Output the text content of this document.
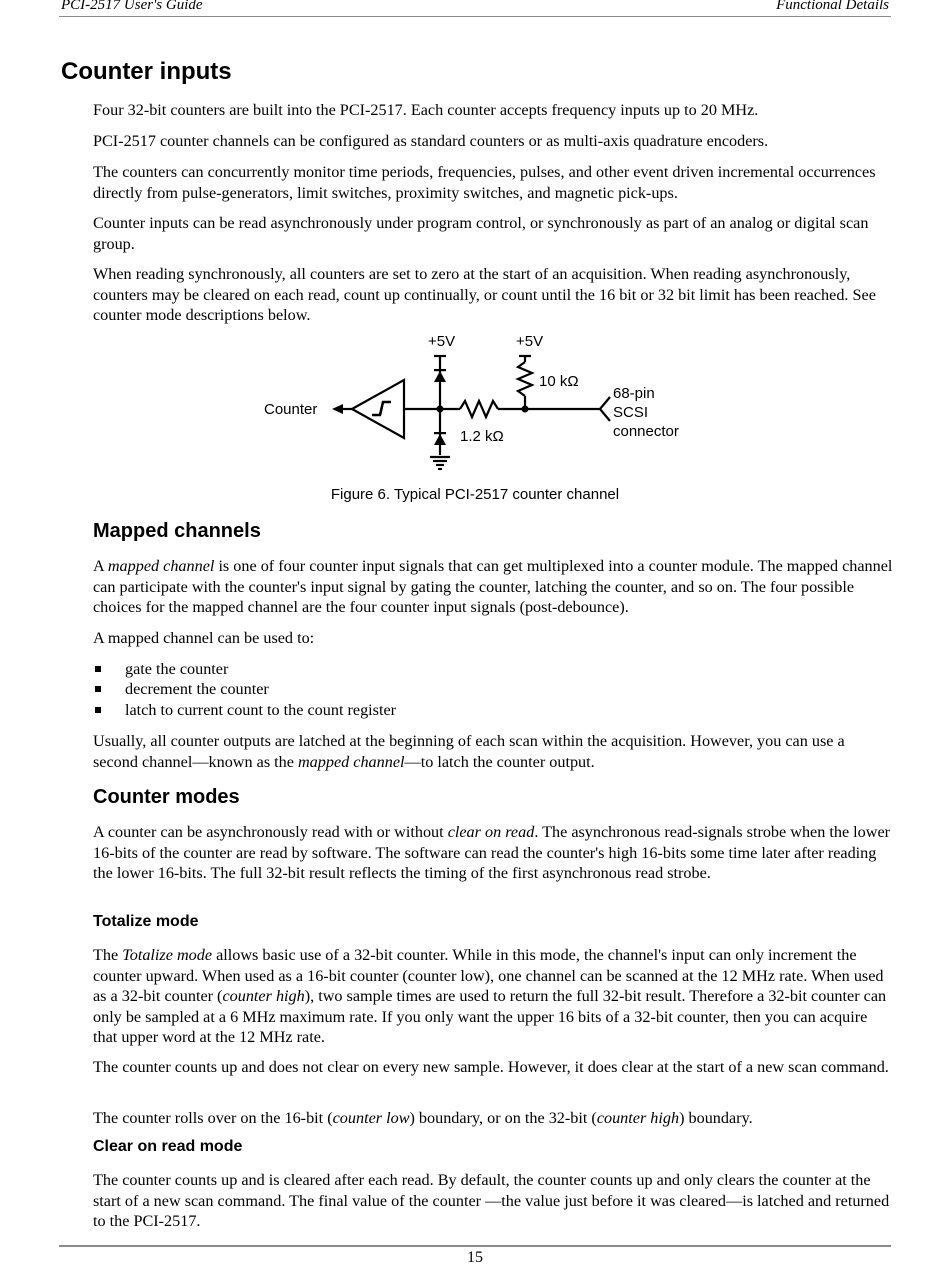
PCI-2517 User's Guide	Functional Details
Counter inputs
Four 32-bit counters are built into the PCI-2517. Each counter accepts frequency inputs up to 20 MHz.
PCI-2517 counter channels can be configured as standard counters or as multi-axis quadrature encoders.
The counters can concurrently monitor time periods, frequencies, pulses, and other event driven incremental occurrences directly from pulse-generators, limit switches, proximity switches, and magnetic pick-ups.
Counter inputs can be read asynchronously under program control, or synchronously as part of an analog or digital scan group.
When reading synchronously, all counters are set to zero at the start of an acquisition. When reading asynchronously, counters may be cleared on each read, count up continually, or count until the 16 bit or 32 bit limit has been reached. See counter mode descriptions below.
+5V	+5V
10 kΩ
1.2 kΩ
Counter
68-pin
SCSI
connector
Figure 6. Typical PCI-2517 counter channel
Mapped channels
A mapped channel is one of four counter input signals that can get multiplexed into a counter module. The mapped channel can participate with the counter's input signal by gating the counter, latching the counter, and so on. The four possible choices for the mapped channel are the four counter input signals (post-debounce).
A mapped channel can be used to:
gate the counter
decrement the counter
latch to current count to the count register
Usually, all counter outputs are latched at the beginning of each scan within the acquisition. However, you can use a second channel—known as the mapped channel—to latch the counter output.
Counter modes
A counter can be asynchronously read with or without clear on read. The asynchronous read-signals strobe when the lower 16-bits of the counter are read by software. The software can read the counter's high 16-bits some time later after reading the lower 16-bits. The full 32-bit result reflects the timing of the first asynchronous read strobe.
Totalize mode
The Totalize mode allows basic use of a 32-bit counter. While in this mode, the channel's input can only increment the counter upward. When used as a 16-bit counter (counter low), one channel can be scanned at the 12 MHz rate. When used as a 32-bit counter (counter high), two sample times are used to return the full 32-bit result. Therefore a 32-bit counter can only be sampled at a 6 MHz maximum rate. If you only want the upper 16 bits of a 32-bit counter, then you can acquire that upper word at the 12 MHz rate.
The counter counts up and does not clear on every new sample. However, it does clear at the start of a new scan command.
The counter rolls over on the 16-bit (counter low) boundary, or on the 32-bit (counter high) boundary.
Clear on read mode
The counter counts up and is cleared after each read. By default, the counter counts up and only clears the counter at the start of a new scan command. The final value of the counter —the value just before it was cleared—is latched and returned to the PCI-2517.
15
